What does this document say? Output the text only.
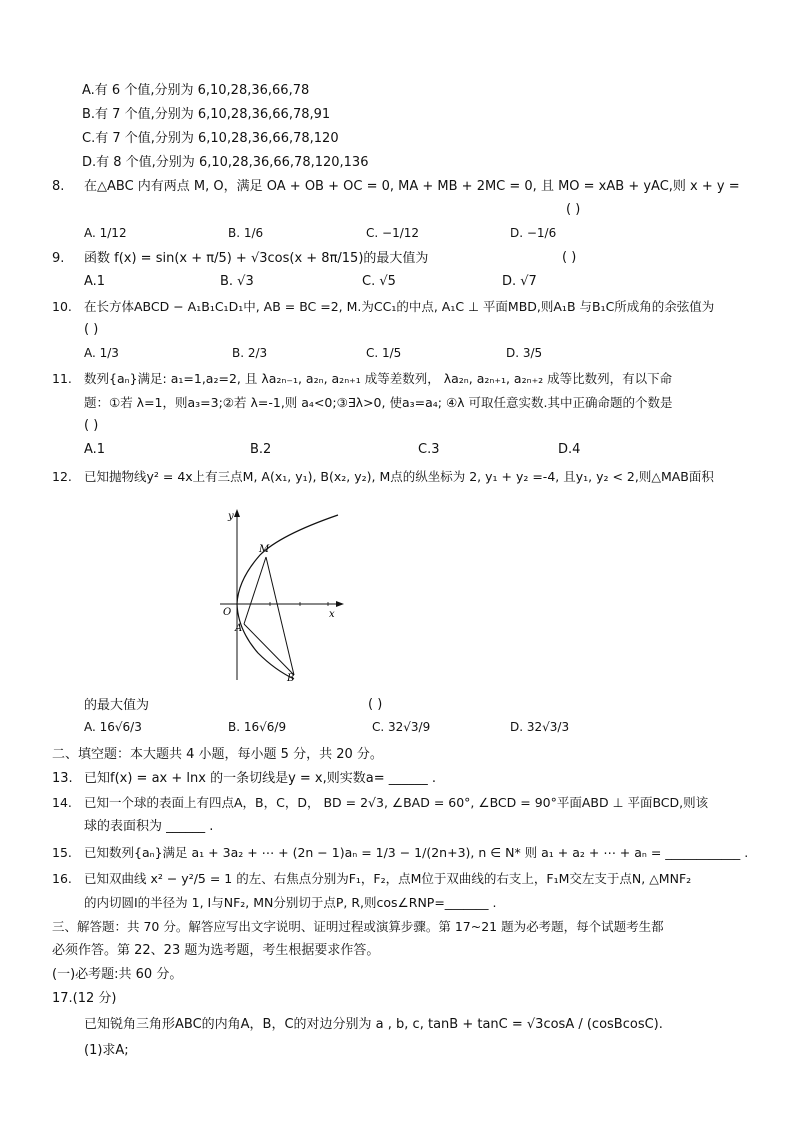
A.有 6 个值,分别为 6,10,28,36,66,78
B.有 7 个值,分别为 6,10,28,36,66,78,91
C.有 7 个值,分别为 6,10,28,36,66,78,120
D.有 8 个值,分别为 6,10,28,36,66,78,120,136
8. 在△ABC 内有两点 M, O，满足 OA + OB + OC = 0, MA + MB + 2MC = 0, 且 MO = xAB + yAC,则 x + y =
( )
A. 1/12	B. 1/6	C. −1/12	D. −1/6
9. 函数 f(x) = sin(x + π/5) + √3cos(x + 8π/15)的最大值为	( )
A.1	B. √3	C. √5	D. √7
10. 在长方体ABCD − A₁B₁C₁D₁中, AB = BC =2, M.为CC₁的中点, A₁C ⊥ 平面MBD,则A₁B 与B₁C所成角的余弦值为
( )
A. 1/3	B. 2/3	C. 1/5	D. 3/5
11. 数列{aₙ}满足: a₁=1,a₂=2, 且 λa₂ₙ₋₁, a₂ₙ, a₂ₙ₊₁ 成等差数列， λa₂ₙ, a₂ₙ₊₁, a₂ₙ₊₂ 成等比数列，有以下命
题：①若 λ=1，则a₃=3;②若 λ=-1,则 a₄<0;③∃λ>0, 使a₃=a₄; ④λ 可取任意实数.其中正确命题的个数是
( )
A.1	B.2	C.3	D.4
12. 已知抛物线y² = 4x上有三点M, A(x₁, y₁), B(x₂, y₂), M点的纵坐标为 2, y₁ + y₂ =-4, 且y₁, y₂ < 2,则△MAB面积
y
x
O
M
A
B
的最大值为	( )
A. 16√6/3	B. 16√6/9	C. 32√3/9	D. 32√3/3
二、填空题：本大题共 4 小题，每小题 5 分，共 20 分。
13. 已知f(x) = ax + lnx 的一条切线是y = x,则实数a= ______ .
14. 已知一个球的表面上有四点A，B，C，D， BD = 2√3, ∠BAD = 60°, ∠BCD = 90°平面ABD ⊥ 平面BCD,则该
球的表面积为 ______ .
15. 已知数列{aₙ}满足 a₁ + 3a₂ + ⋯ + (2n − 1)aₙ = 1/3 − 1/(2n+3), n ∈ N* 则 a₁ + a₂ + ⋯ + aₙ = ____________ .
16. 已知双曲线 x² − y²/5 = 1 的左、右焦点分别为F₁，F₂，点M位于双曲线的右支上，F₁M交左支于点N, △MNF₂
的内切圆I的半径为 1, I与NF₂, MN分别切于点P, R,则cos∠RNP=_______ .
三、解答题：共 70 分。解答应写出文字说明、证明过程或演算步骤。第 17~21 题为必考题，每个试题考生都
必须作答。第 22、23 题为选考题，考生根据要求作答。
(一)必考题:共 60 分。
17.(12 分)
已知锐角三角形ABC的内角A，B，C的对边分别为 a , b, c, tanB + tanC = √3cosA / (cosBcosC).
(1)求A;
